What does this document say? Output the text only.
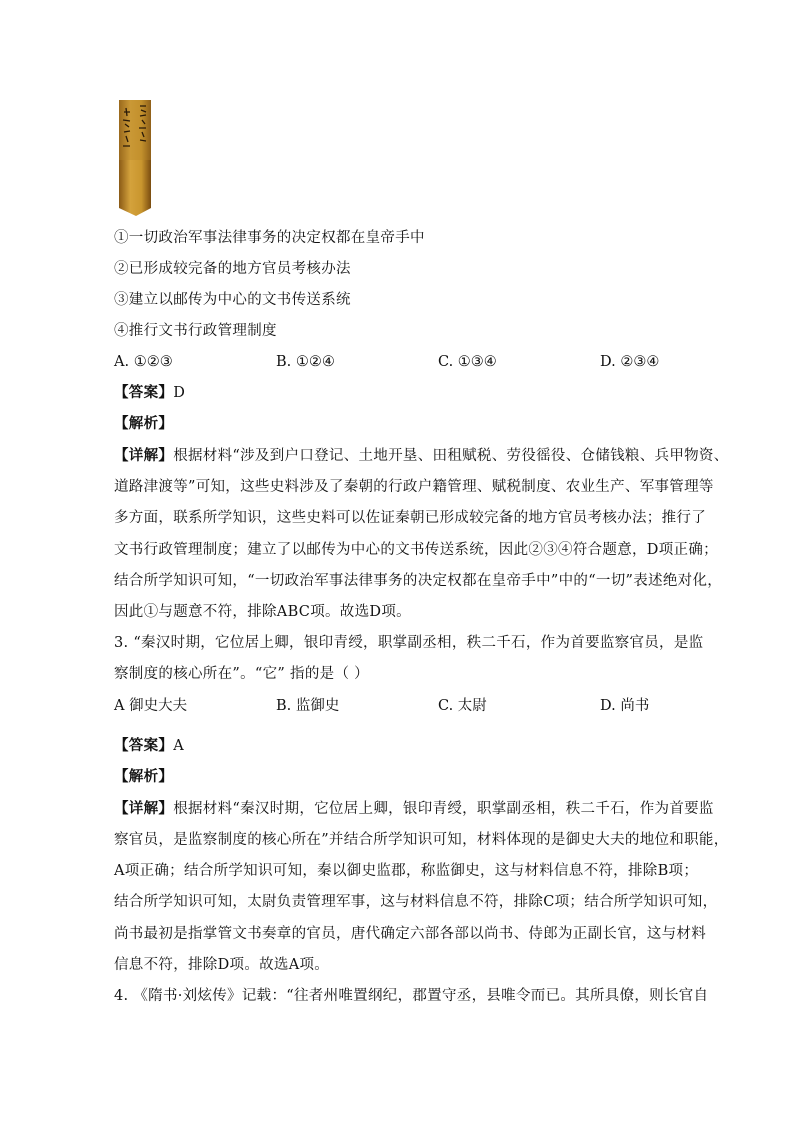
①一切政治军事法律事务的决定权都在皇帝手中
②已形成较完备的地方官员考核办法
③建立以邮传为中心的文书传送系统
④推行文书行政管理制度
A. ①②③	B. ①②④	C. ①③④	D. ②③④
【答案】D
【解析】
【详解】根据材料“涉及到户口登记、土地开垦、田租赋税、劳役徭役、仓储钱粮、兵甲物资、
道路津渡等”可知，这些史料涉及了秦朝的行政户籍管理、赋税制度、农业生产、军事管理等
多方面，联系所学知识，这些史料可以佐证秦朝已形成较完备的地方官员考核办法；推行了
文书行政管理制度；建立了以邮传为中心的文书传送系统，因此②③④符合题意，D项正确；
结合所学知识可知，“一切政治军事法律事务的决定权都在皇帝手中”中的“一切”表述绝对化，
因此①与题意不符，排除ABC项。故选D项。
3. “秦汉时期，它位居上卿，银印青绶，职掌副丞相，秩二千石，作为首要监察官员，是监
察制度的核心所在”。“它” 指的是（ ）
A 御史大夫	B. 监御史	C. 太尉	D. 尚书
【答案】A
【解析】
【详解】根据材料“秦汉时期，它位居上卿，银印青绶，职掌副丞相，秩二千石，作为首要监
察官员，是监察制度的核心所在”并结合所学知识可知，材料体现的是御史大夫的地位和职能，
A项正确；结合所学知识可知，秦以御史监郡，称监御史，这与材料信息不符，排除B项；
结合所学知识可知，太尉负责管理军事，这与材料信息不符，排除C项；结合所学知识可知，
尚书最初是指掌管文书奏章的官员，唐代确定六部各部以尚书、侍郎为正副长官，这与材料
信息不符，排除D项。故选A项。
4. 《隋书·刘炫传》记载：“往者州唯置纲纪，郡置守丞，县唯令而已。其所具僚，则长官自
